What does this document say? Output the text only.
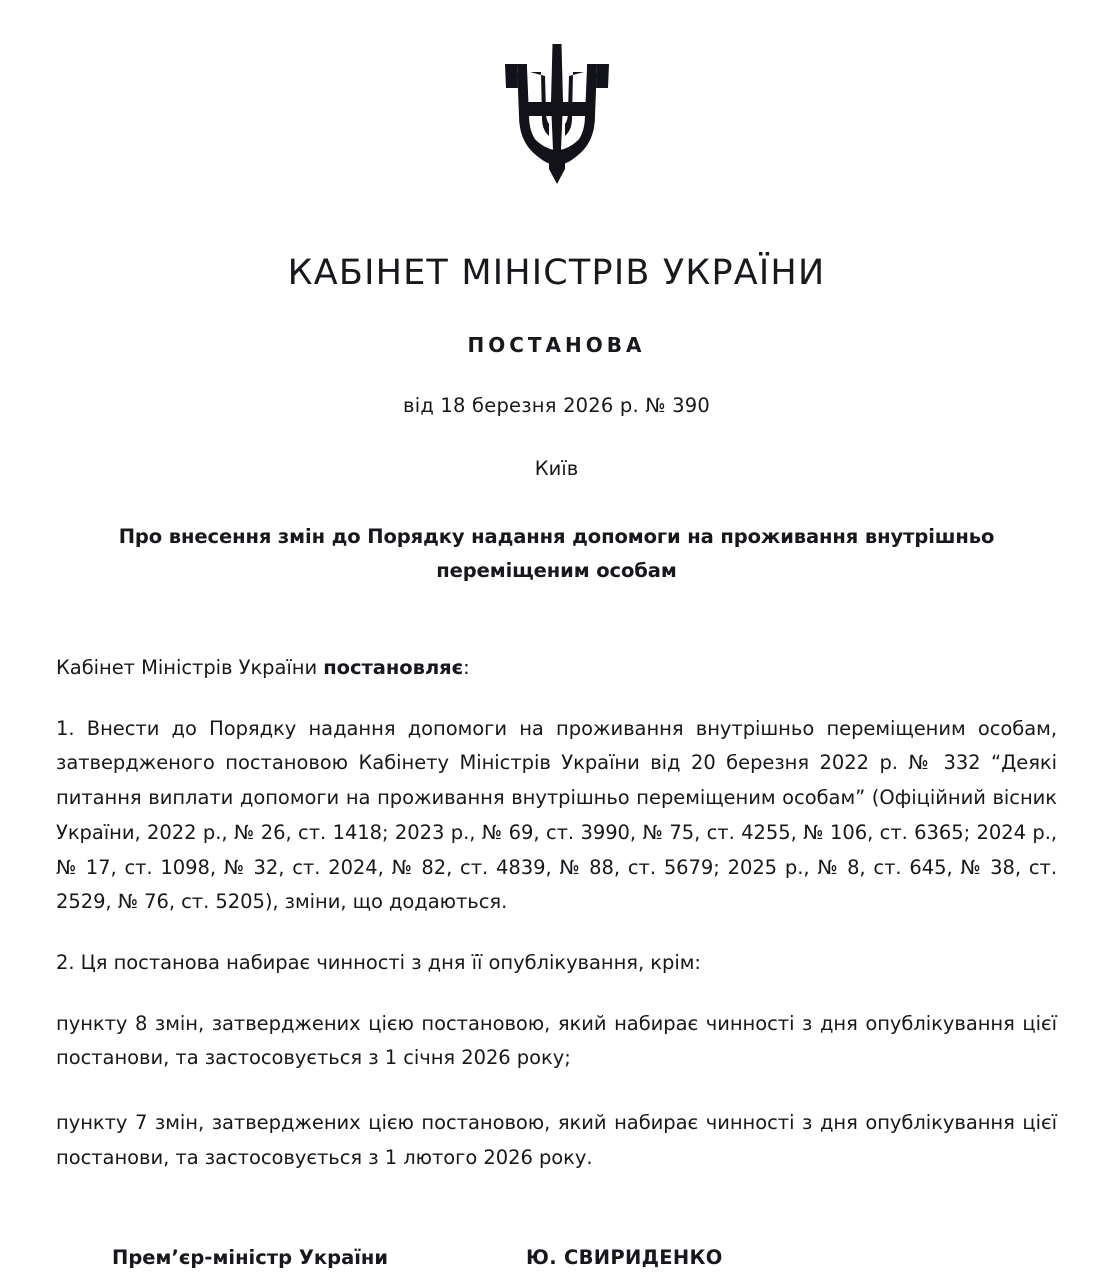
КАБІНЕТ МІНІСТРІВ УКРАЇНИ
ПОСТАНОВА
від 18 березня 2026 р. № 390
Київ
Про внесення змін до Порядку надання допомоги на проживання внутрішньо переміщеним особам

Кабінет Міністрів України постановляє:

1. Внести до Порядку надання допомоги на проживання внутрішньо переміщеним особам, затвердженого постановою Кабінету Міністрів України від 20 березня 2022 р. № 332 “Деякі питання виплати допомоги на проживання внутрішньо переміщеним особам” (Офіційний вісник України, 2022 р., № 26, ст. 1418; 2023 р., № 69, ст. 3990, № 75, ст. 4255, № 106, ст. 6365; 2024 р., № 17, ст. 1098, № 32, ст. 2024, № 82, ст. 4839, № 88, ст. 5679; 2025 р., № 8, ст. 645, № 38, ст. 2529, № 76, ст. 5205), зміни, що додаються.

2. Ця постанова набирає чинності з дня її опублікування, крім:

пункту 8 змін, затверджених цією постановою, який набирає чинності з дня опублікування цієї постанови, та застосовується з 1 січня 2026 року;

пункту 7 змін, затверджених цією постановою, який набирає чинності з дня опублікування цієї постанови, та застосовується з 1 лютого 2026 року.

Прем’єр-міністр України	Ю. СВИРИДЕНКО
